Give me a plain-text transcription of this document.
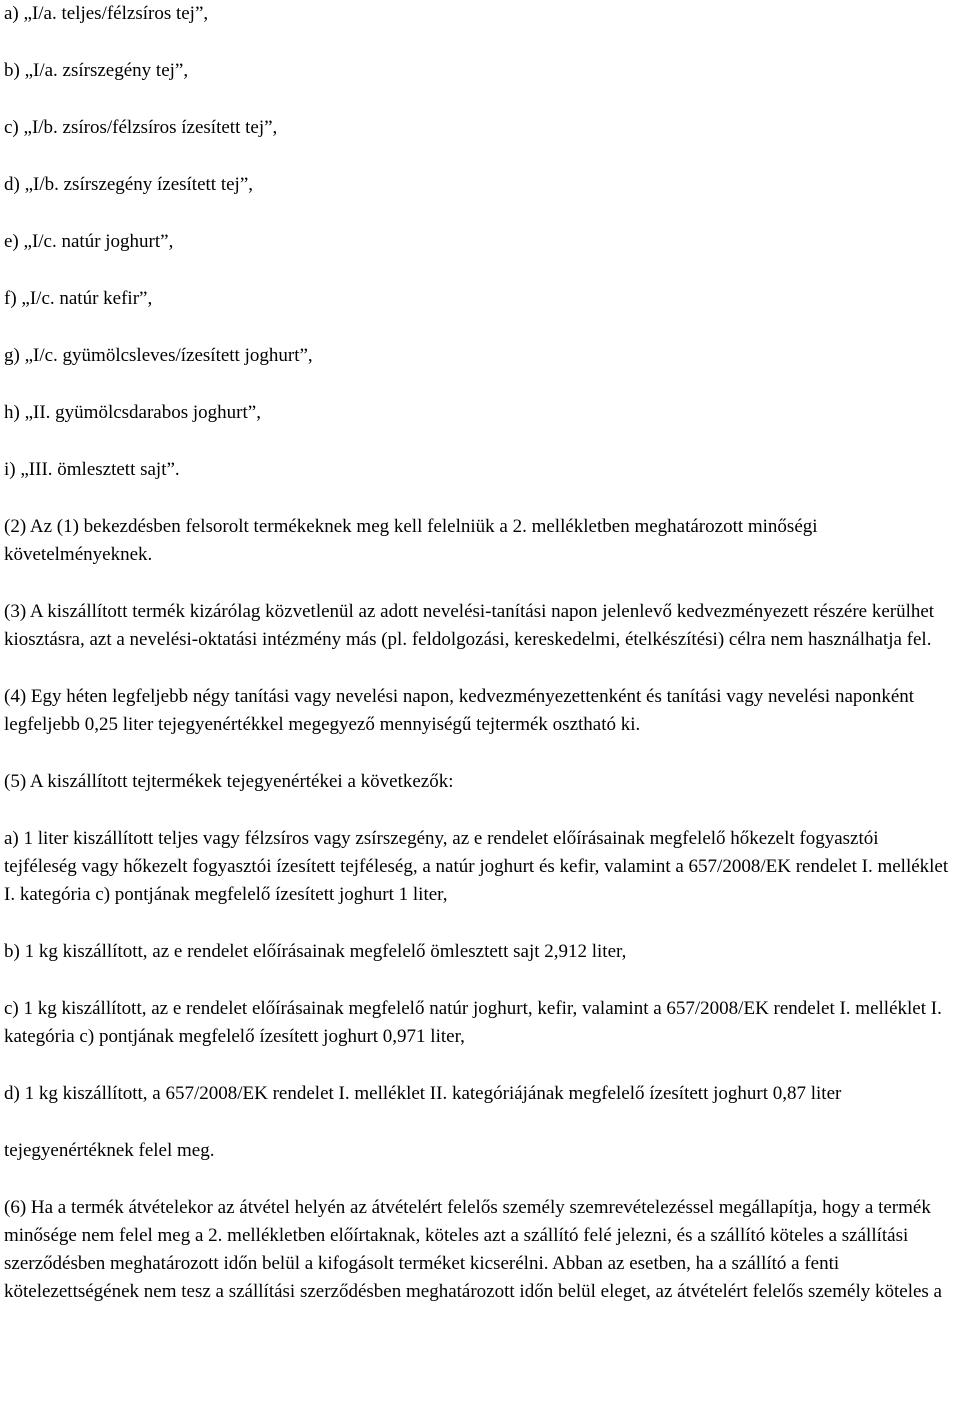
a) „I/a. teljes/félzsíros tej”,

b) „I/a. zsírszegény tej”,

c) „I/b. zsíros/félzsíros ízesített tej”,

d) „I/b. zsírszegény ízesített tej”,

e) „I/c. natúr joghurt”,

f) „I/c. natúr kefir”,

g) „I/c. gyümölcsleves/ízesített joghurt”,

h) „II. gyümölcsdarabos joghurt”,

i) „III. ömlesztett sajt”.

(2) Az (1) bekezdésben felsorolt termékeknek meg kell felelniük a 2. mellékletben meghatározott minőségi követelményeknek.

(3) A kiszállított termék kizárólag közvetlenül az adott nevelési-tanítási napon jelenlevő kedvezményezett részére kerülhet kiosztásra, azt a nevelési-oktatási intézmény más (pl. feldolgozási, kereskedelmi, ételkészítési) célra nem használhatja fel.

(4) Egy héten legfeljebb négy tanítási vagy nevelési napon, kedvezményezettenként és tanítási vagy nevelési naponként legfeljebb 0,25 liter tejegyenértékkel megegyező mennyiségű tejtermék osztható ki.

(5) A kiszállított tejtermékek tejegyenértékei a következők:

a) 1 liter kiszállított teljes vagy félzsíros vagy zsírszegény, az e rendelet előírásainak megfelelő hőkezelt fogyasztói tejféleség vagy hőkezelt fogyasztói ízesített tejféleség, a natúr joghurt és kefir, valamint a 657/2008/EK rendelet I. melléklet I. kategória c) pontjának megfelelő ízesített joghurt 1 liter,

b) 1 kg kiszállított, az e rendelet előírásainak megfelelő ömlesztett sajt 2,912 liter,

c) 1 kg kiszállított, az e rendelet előírásainak megfelelő natúr joghurt, kefir, valamint a 657/2008/EK rendelet I. melléklet I. kategória c) pontjának megfelelő ízesített joghurt 0,971 liter,

d) 1 kg kiszállított, a 657/2008/EK rendelet I. melléklet II. kategóriájának megfelelő ízesített joghurt 0,87 liter

tejegyenértéknek felel meg.

(6) Ha a termék átvételekor az átvétel helyén az átvételért felelős személy szemrevételezéssel megállapítja, hogy a termék minősége nem felel meg a 2. mellékletben előírtaknak, köteles azt a szállító felé jelezni, és a szállító köteles a szállítási szerződésben meghatározott időn belül a kifogásolt terméket kicserélni. Abban az esetben, ha a szállító a fenti kötelezettségének nem tesz a szállítási szerződésben meghatározott időn belül eleget, az átvételért felelős személy köteles a
